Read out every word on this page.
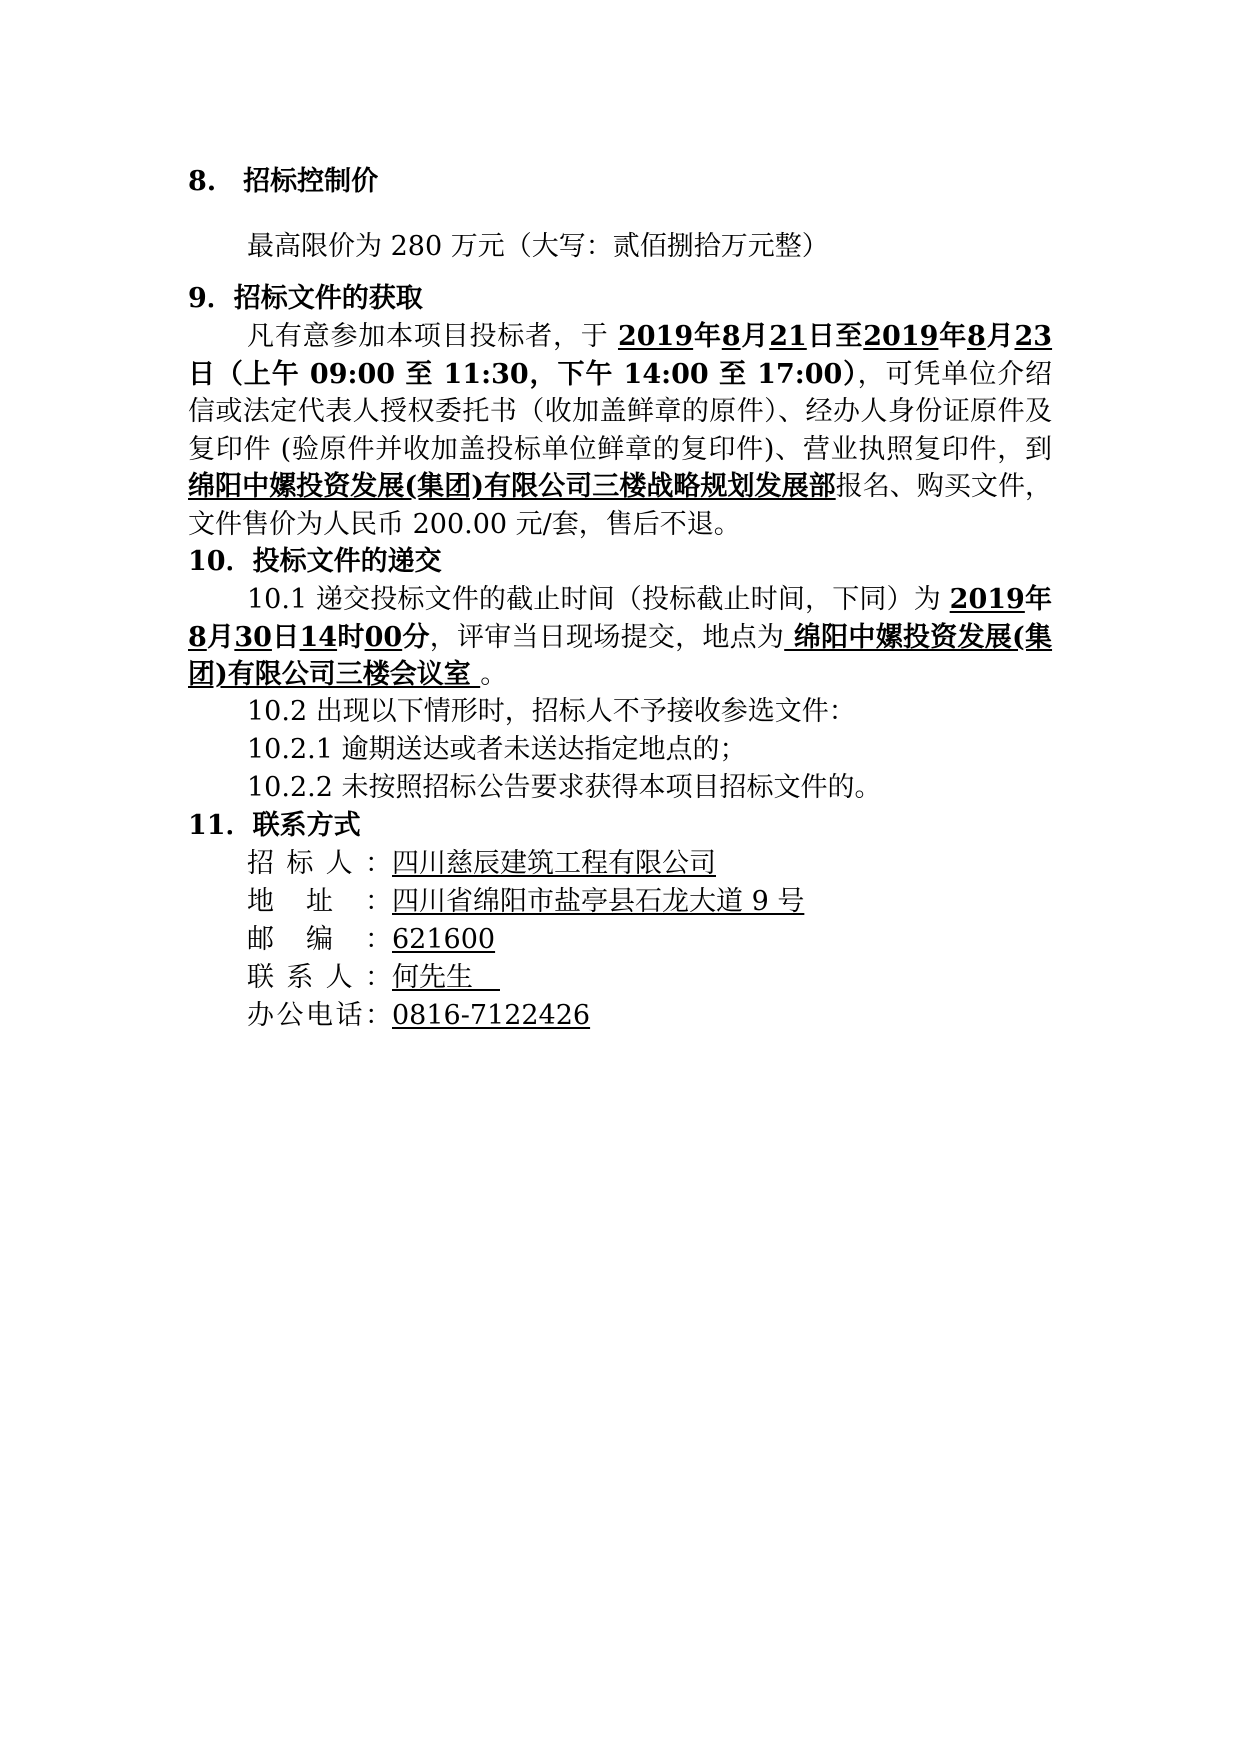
8.　招标控制价

最高限价为 280 万元（大写：贰佰捌拾万元整）

9．招标文件的获取

凡有意参加本项目投标者，于 2019年8月21日至2019年8月23日（上午 09:00 至 11:30，下午 14:00 至 17:00），可凭单位介绍信或法定代表人授权委托书（收加盖鲜章的原件）、经办人身份证原件及复印件 (验原件并收加盖投标单位鲜章的复印件)、营业执照复印件，到绵阳中嫘投资发展(集团)有限公司三楼战略规划发展部报名、购买文件，文件售价为人民币 200.00 元/套，售后不退。

10．投标文件的递交

10.1 递交投标文件的截止时间（投标截止时间，下同）为 2019年8月30日14时00分，评审当日现场提交，地点为 绵阳中嫘投资发展(集团)有限公司三楼会议室 。

10.2 出现以下情形时，招标人不予接收参选文件：

10.2.1 逾期送达或者未送达指定地点的；

10.2.2 未按照招标公告要求获得本项目招标文件的。

11．联系方式
招标人：四川慈辰建筑工程有限公司
地址：四川省绵阳市盐亭县石龙大道 9 号
邮编：621600
联系人：何先生　
办公电话：0816-7122426
